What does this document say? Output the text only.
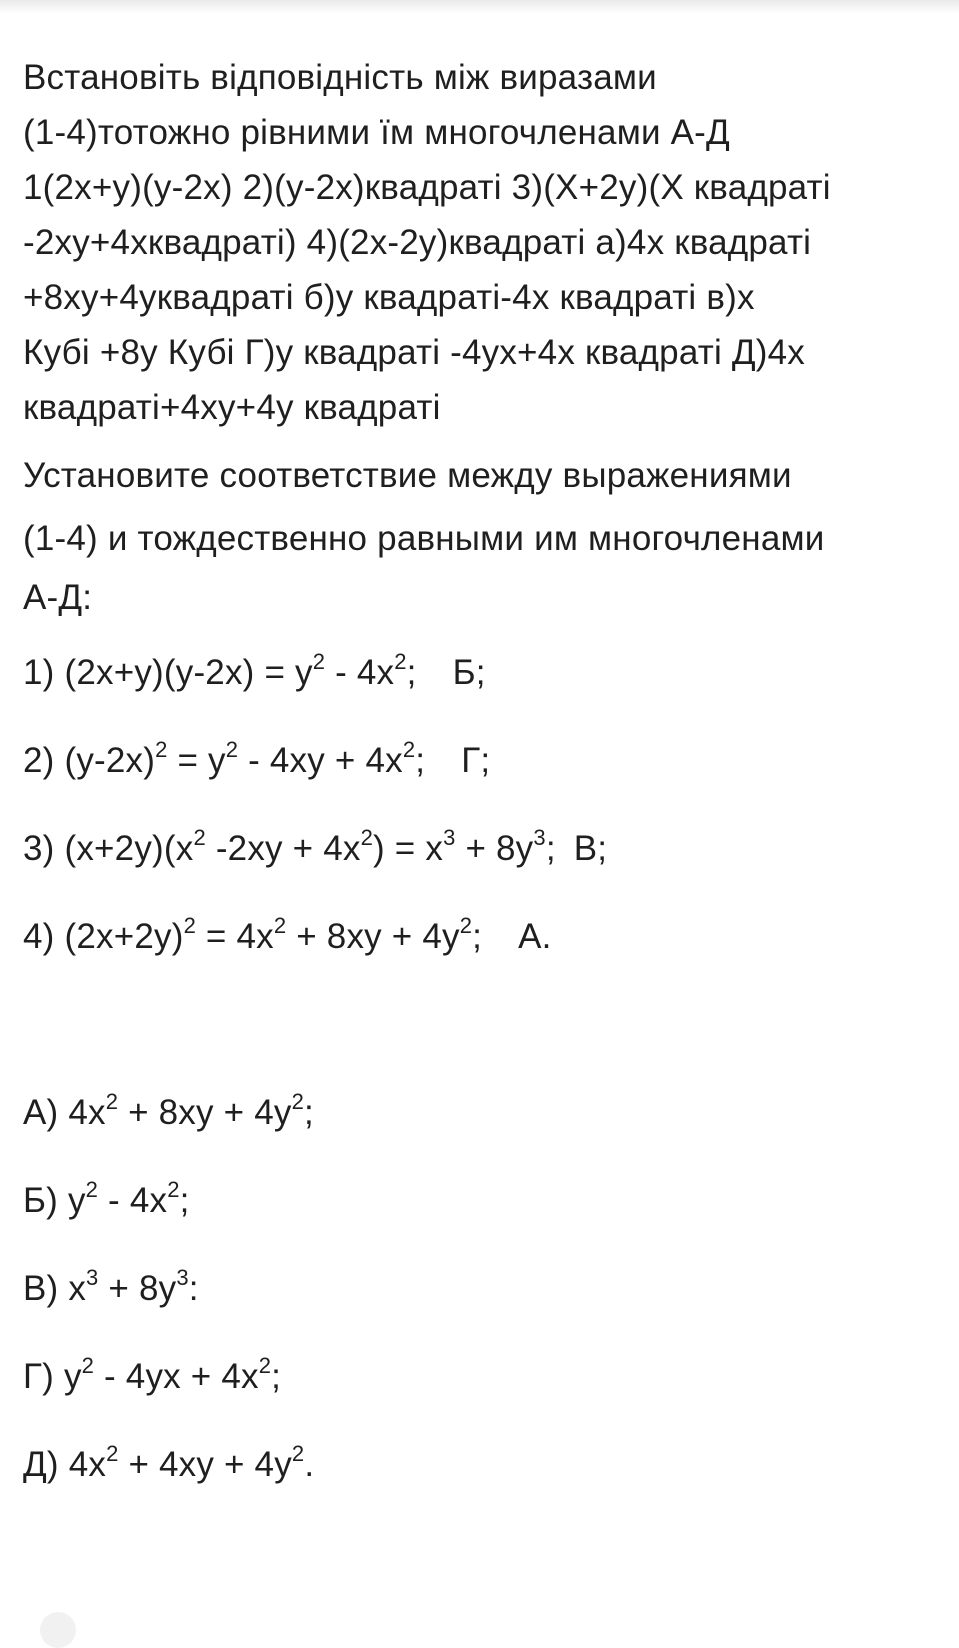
Встановіть відповідність між виразами
(1-4)тотожно рівними їм многочленами А-Д
1(2х+у)(у-2х) 2)(у-2х)квадраті 3)(Х+2у)(Х квадраті
-2ху+4хквадраті) 4)(2х-2у)квадраті а)4х квадраті
+8ху+4уквадраті б)у квадраті-4х квадраті в)х
Кубі +8у Кубі Г)у квадраті -4ух+4х квадраті Д)4х
квадраті+4ху+4у квадраті
Установите соответствие между выражениями
(1-4) и тождественно равными им многочленами
А-Д:
1) $(2x+y)(y-2x) = y^2 - 4x^2$; Б;
2) $(y-2x)^2 = y^2 - 4xy + 4x^2$; Г;
3) $(x+2y)(x^2$ $-2xy + 4x^2) = x^3 + 8y^3$; В;
4) $(2x+2y)^2 = 4x^2 + 8xy + 4y^2$; А.
А) $4x^2 + 8xy + 4y^2$;
Б) $y^2 - 4x^2$;
В) $x^3 + 8y^3$:
Г) $y^2 - 4yx + 4x^2$;
Д) $4x^2 + 4xy + 4y^2$.
